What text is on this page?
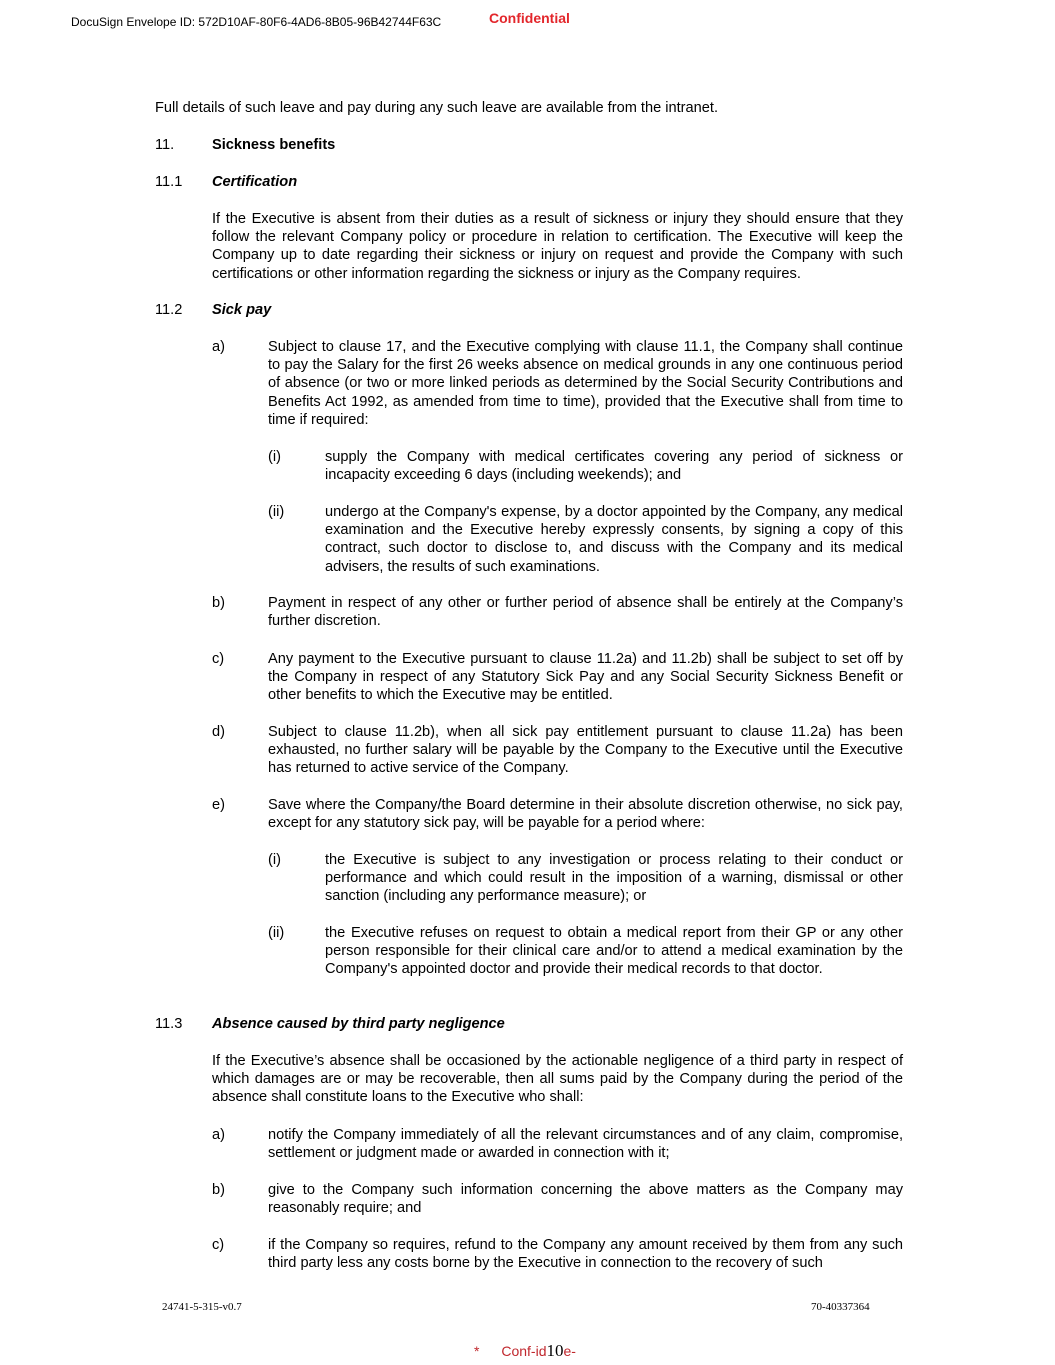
DocuSign Envelope ID: 572D10AF-80F6-4AD6-8B05-96B42744F63C	Confidential
Full details of such leave and pay during any such leave are available from the intranet.
11.	Sickness benefits
11.1 Certification
If the Executive is absent from their duties as a result of sickness or injury they should ensure that they follow the relevant Company policy or procedure in relation to certification. The Executive will keep the Company up to date regarding their sickness or injury on request and provide the Company with such certifications or other information regarding the sickness or injury as the Company requires.
11.2 Sick pay
a)	Subject to clause 17, and the Executive complying with clause 11.1, the Company shall continue to pay the Salary for the first 26 weeks absence on medical grounds in any one continuous period of absence (or two or more linked periods as determined by the Social Security Contributions and Benefits Act 1992, as amended from time to time), provided that the Executive shall from time to time if required:
(i)	supply the Company with medical certificates covering any period of sickness or incapacity exceeding 6 days (including weekends); and
(ii)	undergo at the Company's expense, by a doctor appointed by the Company, any medical examination and the Executive hereby expressly consents, by signing a copy of this contract, such doctor to disclose to, and discuss with the Company and its medical advisers, the results of such examinations.
b)	Payment in respect of any other or further period of absence shall be entirely at the Company’s further discretion.
c)	Any payment to the Executive pursuant to clause 11.2a) and 11.2b) shall be subject to set off by the Company in respect of any Statutory Sick Pay and any Social Security Sickness Benefit or other benefits to which the Executive may be entitled.
d)	Subject to clause 11.2b), when all sick pay entitlement pursuant to clause 11.2a) has been exhausted, no further salary will be payable by the Company to the Executive until the Executive has returned to active service of the Company.
e)	Save where the Company/the Board determine in their absolute discretion otherwise, no sick pay, except for any statutory sick pay, will be payable for a period where:
(i)	the Executive is subject to any investigation or process relating to their conduct or performance and which could result in the imposition of a warning, dismissal or other sanction (including any performance measure); or
(ii)	the Executive refuses on request to obtain a medical report from their GP or any other person responsible for their clinical care and/or to attend a medical examination by the Company's appointed doctor and provide their medical records to that doctor.
11.3 Absence caused by third party negligence
If the Executive’s absence shall be occasioned by the actionable negligence of a third party in respect of which damages are or may be recoverable, then all sums paid by the Company during the period of the absence shall constitute loans to the Executive who shall:
a)	notify the Company immediately of all the relevant circumstances and of any claim, compromise, settlement or judgment made or awarded in connection with it;
b)	give to the Company such information concerning the above matters as the Company may reasonably require; and
c)	if the Company so requires, refund to the Company any amount received by them from any such third party less any costs borne by the Executive in connection to the recovery of such
24741-5-315-v0.7	70-40337364
* Conf-id10e-
